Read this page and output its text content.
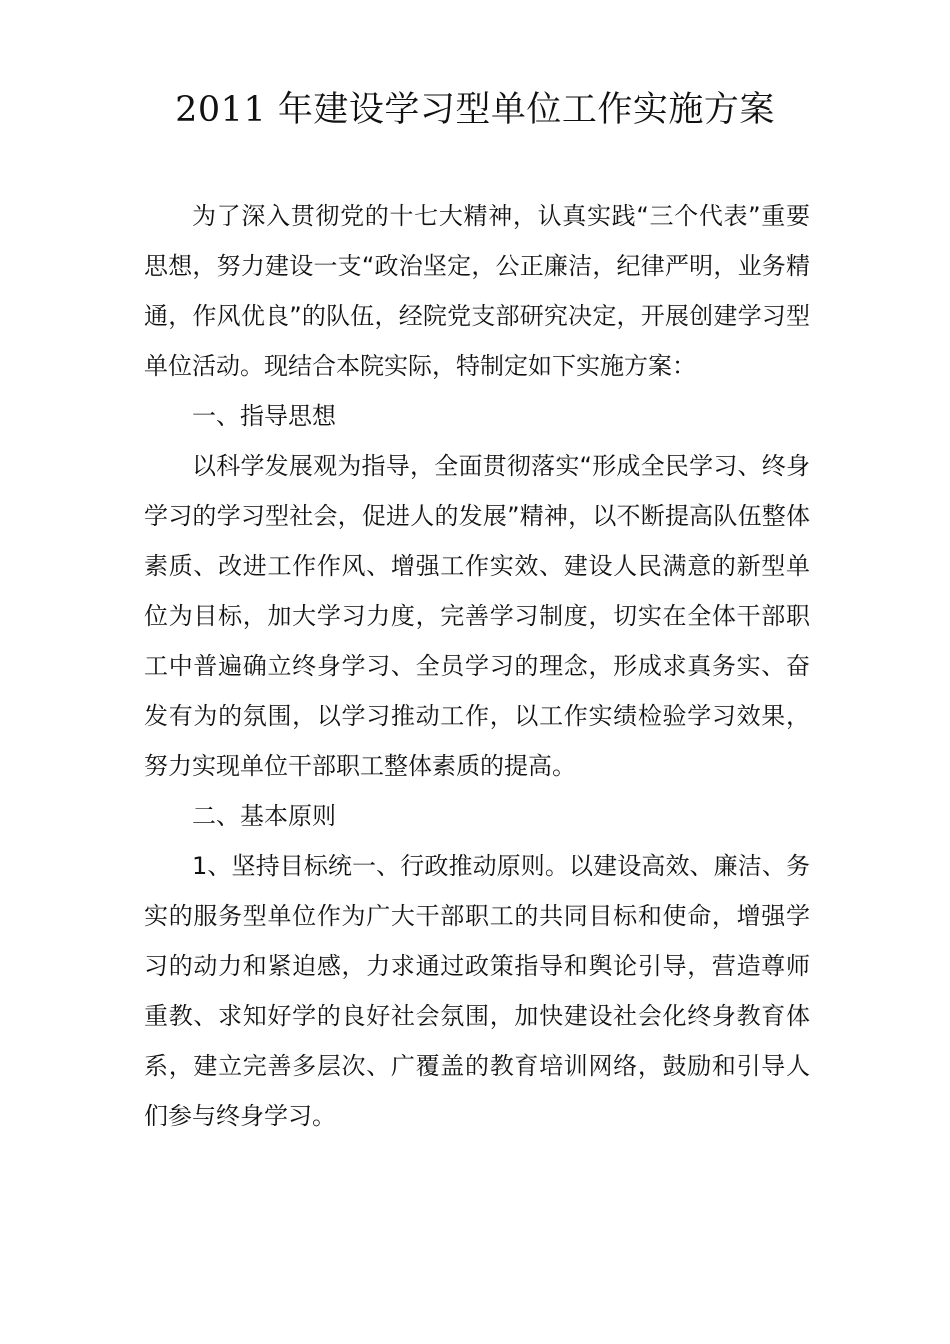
2011 年建设学习型单位工作实施方案

为了深入贯彻党的十七大精神，认真实践“三个代表”重要思想，努力建设一支“政治坚定，公正廉洁，纪律严明，业务精通，作风优良”的队伍，经院党支部研究决定，开展创建学习型单位活动。现结合本院实际，特制定如下实施方案：

一、指导思想

以科学发展观为指导，全面贯彻落实“形成全民学习、终身学习的学习型社会，促进人的发展”精神，以不断提高队伍整体素质、改进工作作风、增强工作实效、建设人民满意的新型单位为目标，加大学习力度，完善学习制度，切实在全体干部职工中普遍确立终身学习、全员学习的理念，形成求真务实、奋发有为的氛围，以学习推动工作，以工作实绩检验学习效果，努力实现单位干部职工整体素质的提高。

二、基本原则

1、坚持目标统一、行政推动原则。以建设高效、廉洁、务实的服务型单位作为广大干部职工的共同目标和使命，增强学习的动力和紧迫感，力求通过政策指导和舆论引导，营造尊师重教、求知好学的良好社会氛围，加快建设社会化终身教育体系，建立完善多层次、广覆盖的教育培训网络，鼓励和引导人们参与终身学习。
